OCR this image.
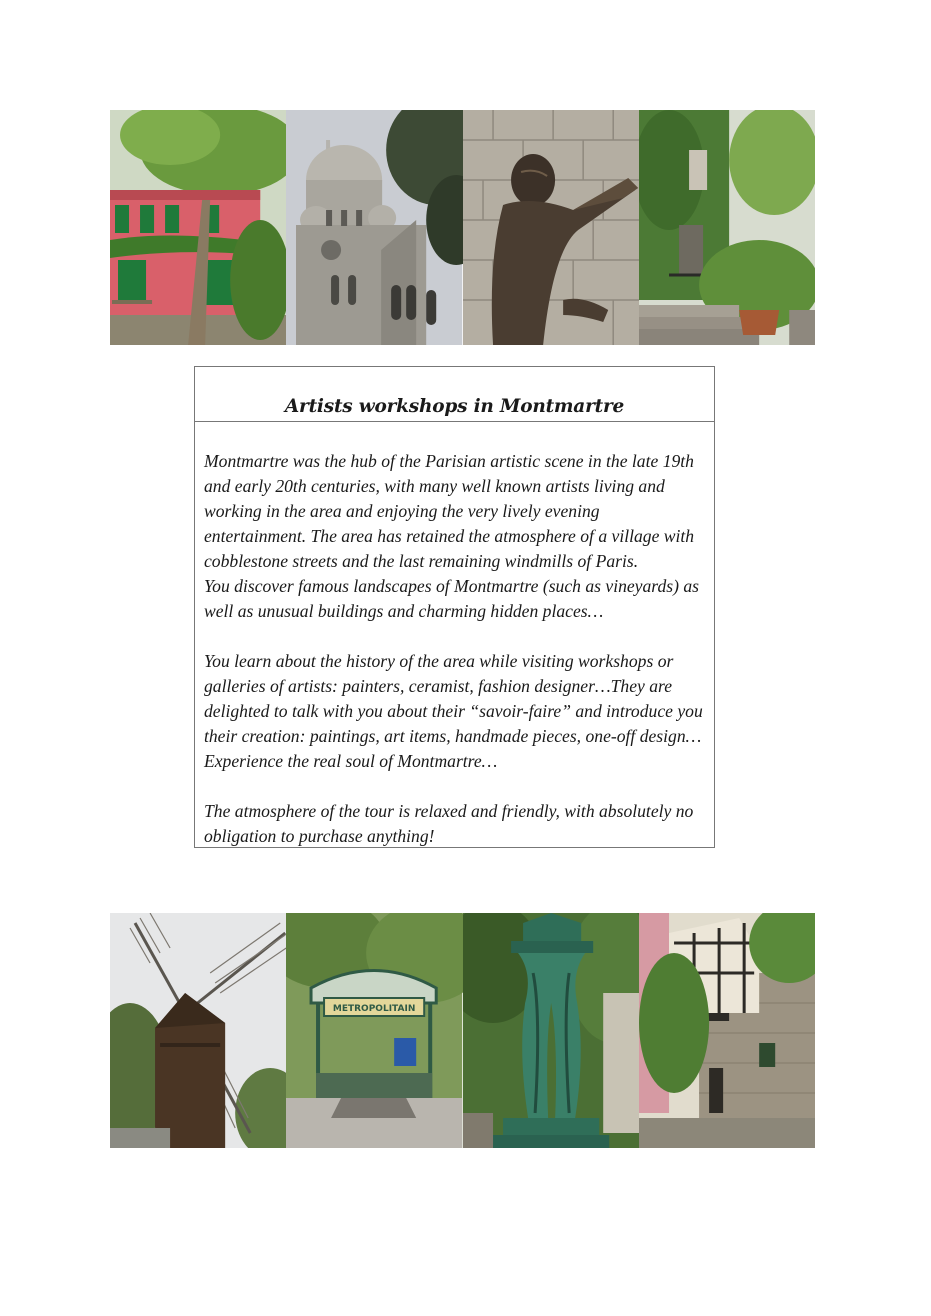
Artists workshops in Montmartre

Montmartre was the hub of the Parisian artistic scene in the late 19th and early 20th centuries, with many well known artists living and working in the area and enjoying the very lively evening entertainment. The area has retained the atmosphere of a village with cobblestone streets and the last remaining windmills of Paris.
You discover famous landscapes of Montmartre (such as vineyards) as well as unusual buildings and charming hidden places…

You learn about the history of the area while visiting workshops or galleries of artists: painters, ceramist, fashion designer…They are delighted to talk with you about their “savoir-faire” and introduce you their creation: paintings, art items, handmade pieces, one-off design… Experience the real soul of Montmartre…

The atmosphere of the tour is relaxed and friendly, with absolutely no obligation to purchase anything!

METROPOLITAIN
